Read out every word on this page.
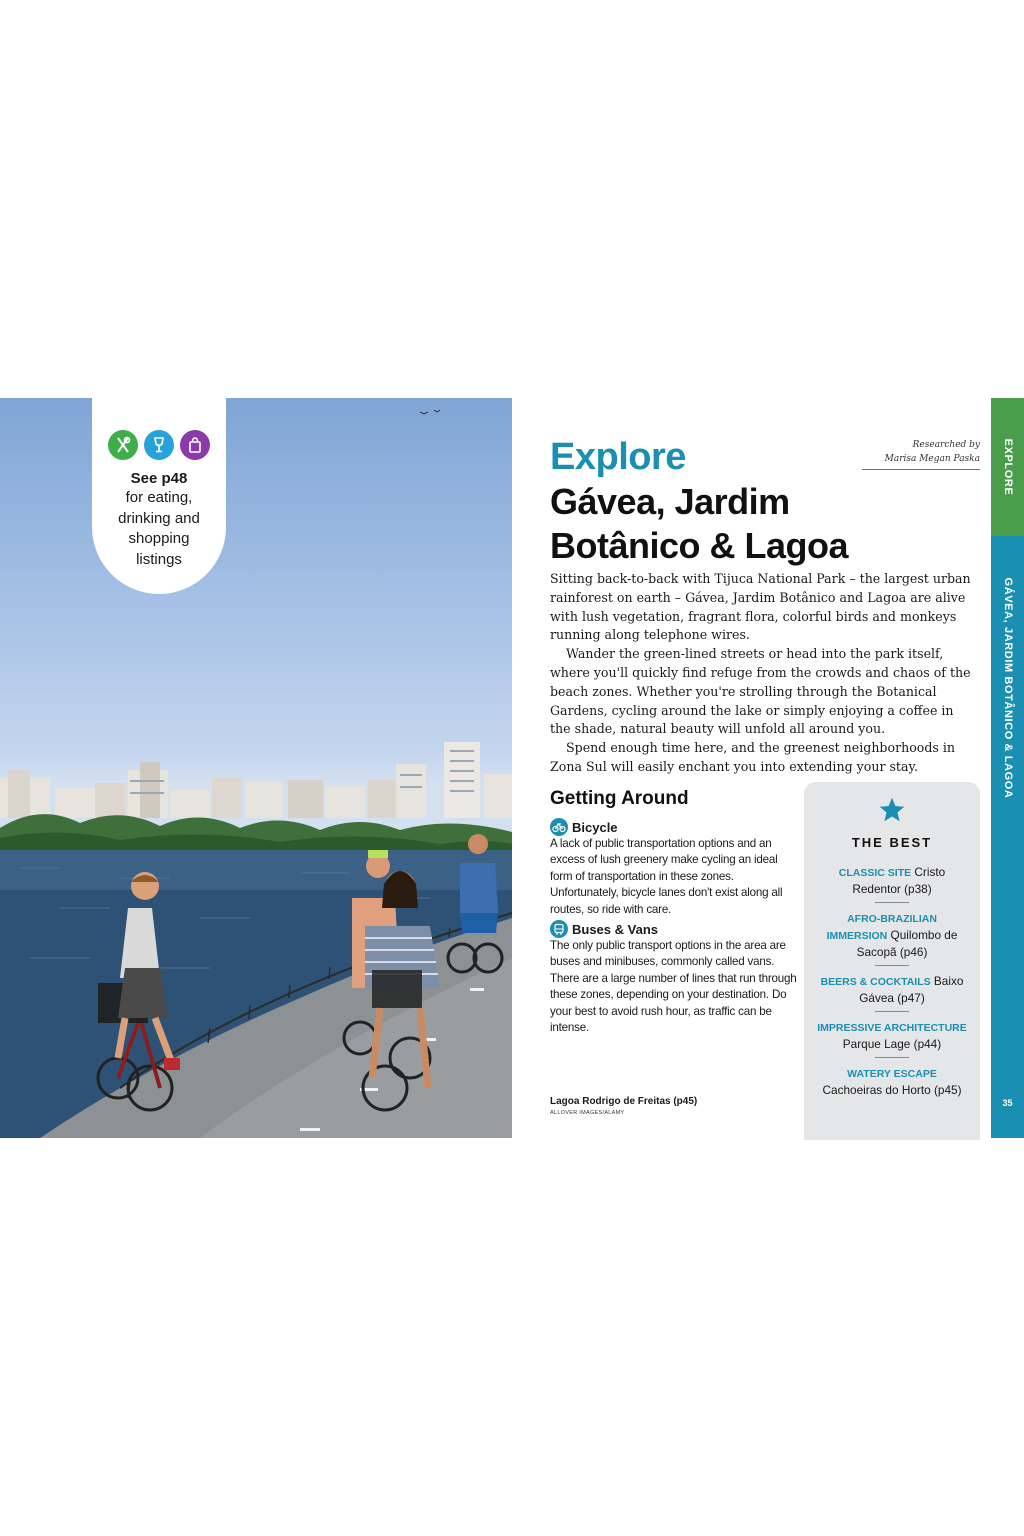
See p48
for eating,
drinking and
shopping
listings
Researched by
Marisa Megan Paska
Explore
Gávea, Jardim
Botânico & Lagoa

Sitting back-to-back with Tijuca National Park – the largest urban rainforest on earth – Gávea, Jardim Botânico and Lagoa are alive with lush vegetation, fragrant flora, colorful birds and monkeys running along telephone wires.

Wander the green-lined streets or head into the park itself, where you'll quickly find refuge from the crowds and chaos of the beach zones. Whether you're strolling through the Botanical Gardens, cycling around the lake or simply enjoying a coffee in the shade, natural beauty will unfold all around you.

Spend enough time here, and the greenest neighborhoods in Zona Sul will easily enchant you into extending your stay.

Getting Around
Bicycle
A lack of public transportation options and an excess of lush greenery make cycling an ideal form of transportation in these zones. Unfortunately, bicycle lanes don't exist along all routes, so ride with care.
Buses & Vans
The only public transport options in the area are buses and minibuses, commonly called vans. There are a large number of lines that run through these zones, depending on your destination. Do your best to avoid rush hour, as traffic can be intense.
Lagoa Rodrigo de Freitas (p45)
ALLOVER IMAGES/ALAMY
THE BEST
CLASSIC SITE Cristo Redentor (p38)
AFRO-BRAZILIAN IMMERSION Quilombo de Sacopã (p46)
BEERS & COCKTAILS Baixo Gávea (p47)
IMPRESSIVE ARCHITECTURE Parque Lage (p44)
WATERY ESCAPE Cachoeiras do Horto (p45)
EXPLORE
GÁVEA, JARDIM BOTÂNICO & LAGOA
35
